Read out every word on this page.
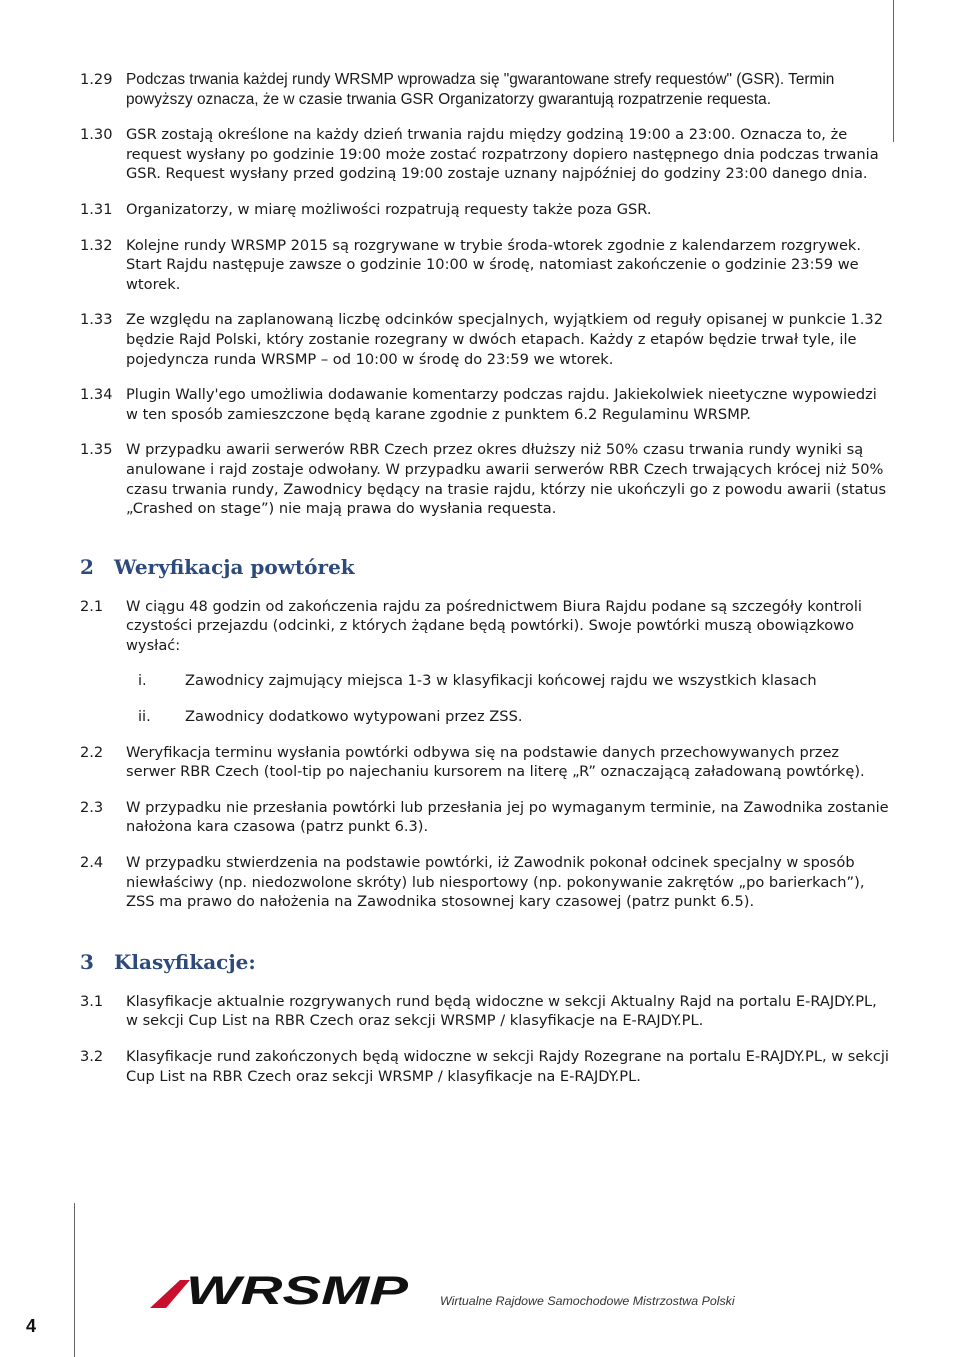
1.29 Podczas trwania każdej rundy WRSMP wprowadza się "gwarantowane strefy requestów" (GSR). Termin powyższy oznacza, że w czasie trwania GSR Organizatorzy gwarantują rozpatrzenie requesta.
1.30 GSR zostają określone na każdy dzień trwania rajdu między godziną 19:00 a 23:00. Oznacza to, że request wysłany po godzinie 19:00 może zostać rozpatrzony dopiero następnego dnia podczas trwania GSR. Request wysłany przed godziną 19:00 zostaje uznany najpóźniej do godziny 23:00 danego dnia.
1.31 Organizatorzy, w miarę możliwości rozpatrują requesty także poza GSR.
1.32 Kolejne rundy WRSMP 2015 są rozgrywane w trybie środa-wtorek zgodnie z kalendarzem rozgrywek. Start Rajdu następuje zawsze o godzinie 10:00 w środę, natomiast zakończenie o godzinie 23:59 we wtorek.
1.33 Ze względu na zaplanowaną liczbę odcinków specjalnych, wyjątkiem od reguły opisanej w punkcie 1.32 będzie Rajd Polski, który zostanie rozegrany w dwóch etapach. Każdy z etapów będzie trwał tyle, ile pojedyncza runda WRSMP – od 10:00 w środę do 23:59 we wtorek.
1.34 Plugin Wally'ego umożliwia dodawanie komentarzy podczas rajdu. Jakiekolwiek nieetyczne wypowiedzi w ten sposób zamieszczone będą karane zgodnie z punktem 6.2 Regulaminu WRSMP.
1.35 W przypadku awarii serwerów RBR Czech przez okres dłuższy niż 50% czasu trwania rundy wyniki są anulowane i rajd zostaje odwołany. W przypadku awarii serwerów RBR Czech trwających krócej niż 50% czasu trwania rundy, Zawodnicy będący na trasie rajdu, którzy nie ukończyli go z powodu awarii (status „Crashed on stage”) nie mają prawa do wysłania requesta.
2	Weryfikacja powtórek
2.1	W ciągu 48 godzin od zakończenia rajdu za pośrednictwem Biura Rajdu podane są szczegóły kontroli czystości przejazdu (odcinki, z których żądane będą powtórki). Swoje powtórki muszą obowiązkowo wysłać:
i.	Zawodnicy zajmujący miejsca 1-3 w klasyfikacji końcowej rajdu we wszystkich klasach
ii.	Zawodnicy dodatkowo wytypowani przez ZSS.
2.2	Weryfikacja terminu wysłania powtórki odbywa się na podstawie danych przechowywanych przez serwer RBR Czech (tool-tip po najechaniu kursorem na literę „R” oznaczającą załadowaną powtórkę).
2.3	W przypadku nie przesłania powtórki lub przesłania jej po wymaganym terminie, na Zawodnika zostanie nałożona kara czasowa (patrz punkt 6.3).
2.4	W przypadku stwierdzenia na podstawie powtórki, iż Zawodnik pokonał odcinek specjalny w sposób niewłaściwy (np. niedozwolone skróty) lub niesportowy (np. pokonywanie zakrętów „po barierkach”), ZSS ma prawo do nałożenia na Zawodnika stosownej kary czasowej (patrz punkt 6.5).
3	Klasyfikacje:
3.1	Klasyfikacje aktualnie rozgrywanych rund będą widoczne w sekcji Aktualny Rajd na portalu E-RAJDY.PL, w sekcji Cup List na RBR Czech oraz sekcji WRSMP / klasyfikacje na E-RAJDY.PL.
3.2	Klasyfikacje rund zakończonych będą widoczne w sekcji Rajdy Rozegrane na portalu E-RAJDY.PL, w sekcji Cup List na RBR Czech oraz sekcji WRSMP / klasyfikacje na E-RAJDY.PL.
WRSMP	Wirtualne Rajdowe Samochodowe Mistrzostwa Polski
4
